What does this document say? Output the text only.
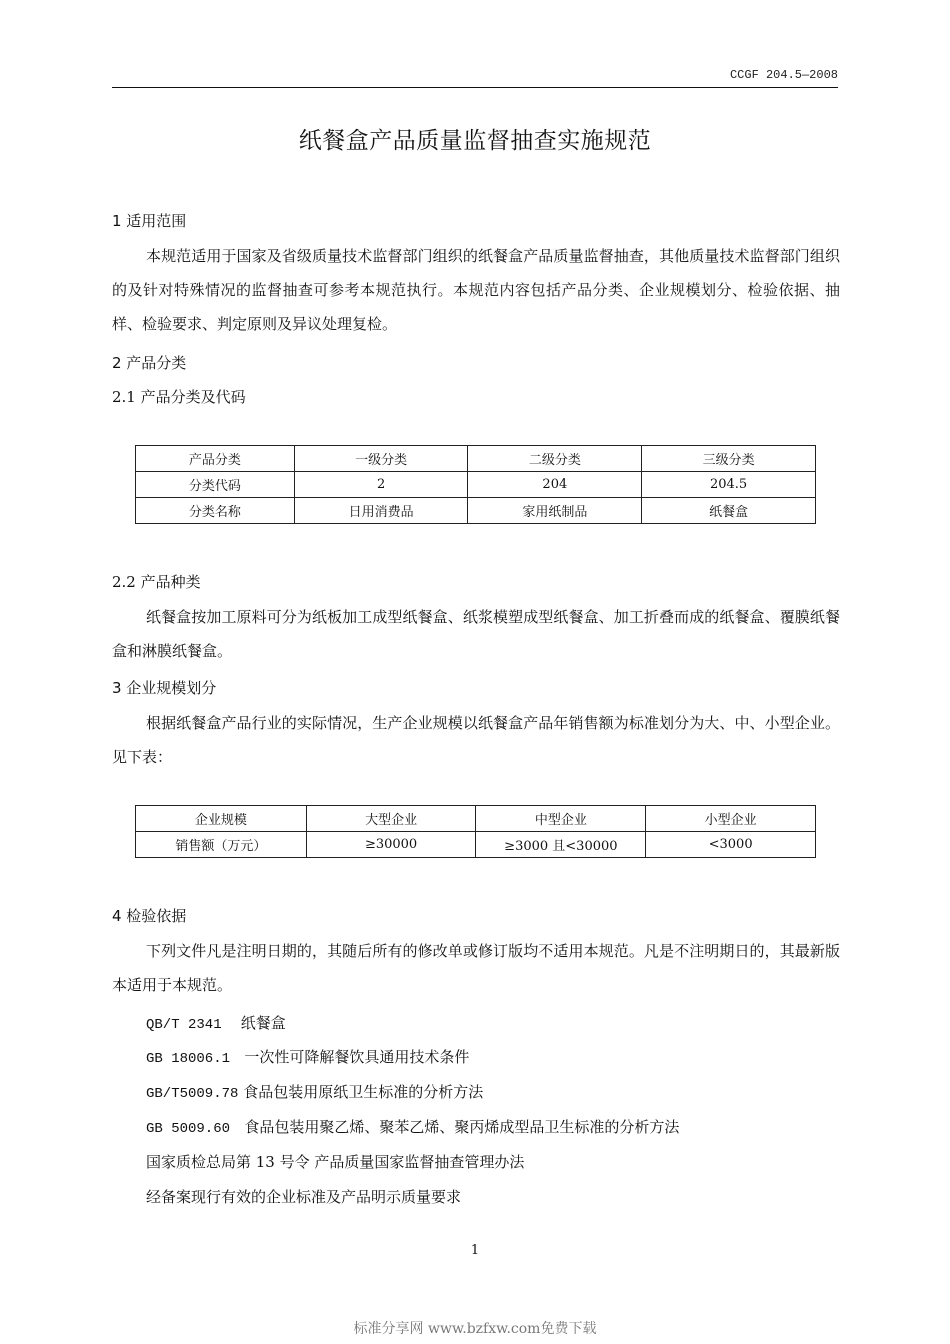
CCGF 204.5—2008
纸餐盒产品质量监督抽查实施规范
1 适用范围
本规范适用于国家及省级质量技术监督部门组织的纸餐盒产品质量监督抽查，其他质量技术监督部门组织的及针对特殊情况的监督抽查可参考本规范执行。本规范内容包括产品分类、企业规模划分、检验依据、抽样、检验要求、判定原则及异议处理复检。
2 产品分类
2.1 产品分类及代码
产品分类	一级分类	二级分类	三级分类
分类代码	2	204	204.5
分类名称	日用消费品	家用纸制品	纸餐盒
2.2 产品种类
纸餐盒按加工原料可分为纸板加工成型纸餐盒、纸浆模塑成型纸餐盒、加工折叠而成的纸餐盒、覆膜纸餐盒和淋膜纸餐盒。
3 企业规模划分
根据纸餐盒产品行业的实际情况，生产企业规模以纸餐盒产品年销售额为标准划分为大、中、小型企业。见下表：
企业规模	大型企业	中型企业	小型企业
销售额（万元）	≥30000	≥3000 且<30000	<3000
4 检验依据
下列文件凡是注明日期的，其随后所有的修改单或修订版均不适用本规范。凡是不注明期日的，其最新版本适用于本规范。
QB/T 2341 纸餐盒
GB 18006.1 一次性可降解餐饮具通用技术条件
GB/T5009.78 食品包装用原纸卫生标准的分析方法
GB 5009.60 食品包装用聚乙烯、聚苯乙烯、聚丙烯成型品卫生标准的分析方法
国家质检总局第 13 号令 产品质量国家监督抽查管理办法
经备案现行有效的企业标准及产品明示质量要求
1
标准分享网 www.bzfxw.com免费下载
